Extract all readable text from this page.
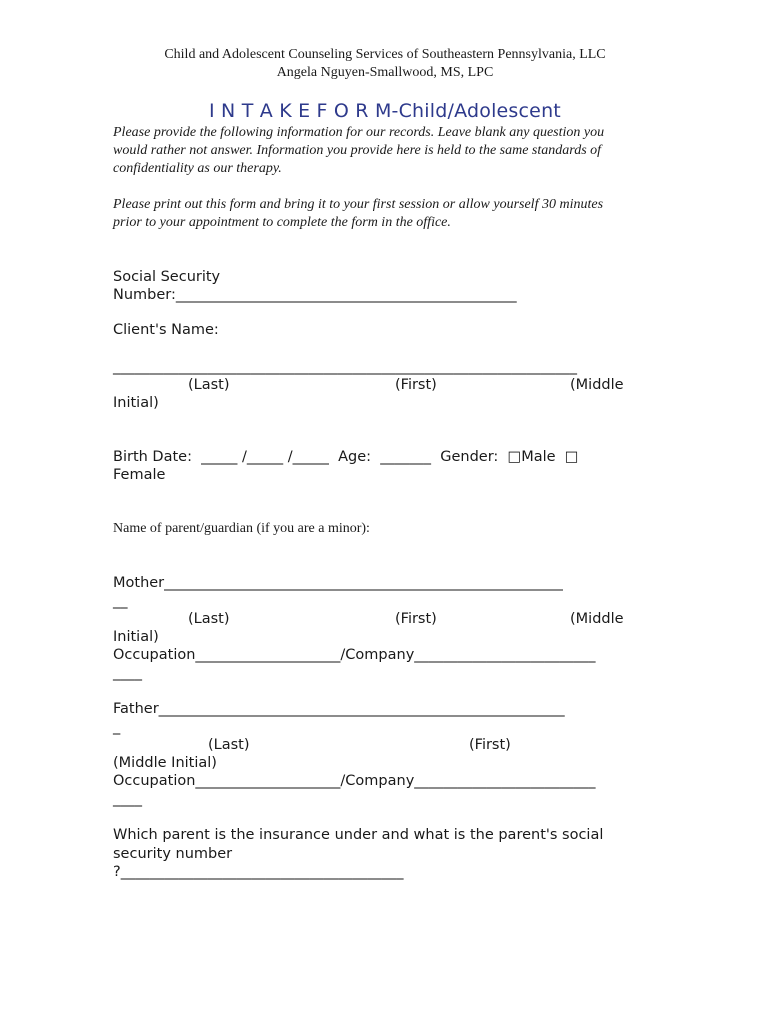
Child and Adolescent Counseling Services of Southeastern Pennsylvania, LLC
Angela Nguyen-Smallwood, MS, LPC
I N T A K E F O R M-Child/Adolescent
Please provide the following information for our records. Leave blank any question you
would rather not answer. Information you provide here is held to the same standards of
confidentiality as our therapy.
Please print out this form and bring it to your first session or allow yourself 30 minutes
prior to your appointment to complete the form in the office.
Social Security
Number:_______________________________________________
Client's Name:
________________________________________________________________
(Last)	(First)	(Middle
Initial)
Birth Date:  _____ /_____ /_____  Age:  _______  Gender:  □Male  □
Female
Name of parent/guardian (if you are a minor):
Mother_______________________________________________________
__
(Last)	(First)	(Middle
Initial)
Occupation____________________/Company_________________________
____
Father________________________________________________________
_
(Last)	(First)
(Middle Initial)
Occupation____________________/Company_________________________
____
Which parent is the insurance under and what is the parent's social
security number
?_______________________________________
